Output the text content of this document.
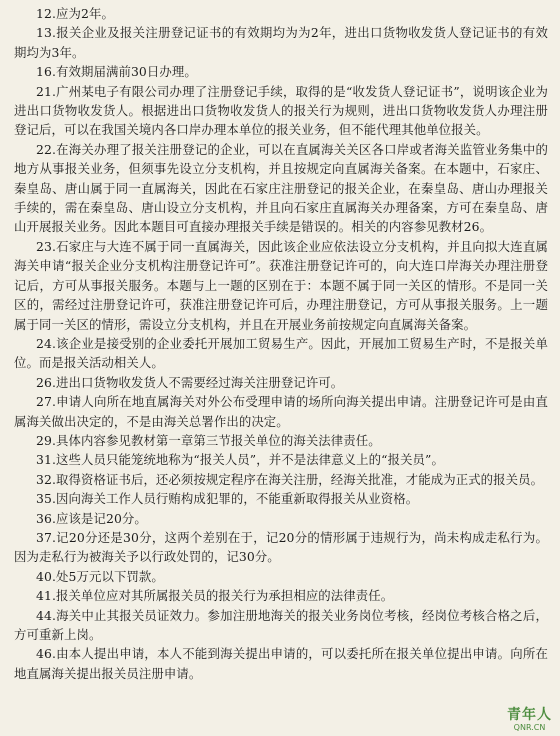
12.应为2年。

13.报关企业及报关注册登记证书的有效期均为为2年，进出口货物收发货人登记证书的有效期均为3年。

16.有效期届满前30日办理。

21.广州某电子有限公司办理了注册登记手续，取得的是“收发货人登记证书”，说明该企业为进出口货物收发货人。根据进出口货物收发货人的报关行为规则，进出口货物收发货人办理注册登记后，可以在我国关境内各口岸办理本单位的报关业务，但不能代理其他单位报关。

22.在海关办理了报关注册登记的企业，可以在直属海关关区各口岸或者海关监管业务集中的地方从事报关业务，但须事先设立分支机构，并且按规定向直属海关备案。在本题中，石家庄、秦皇岛、唐山属于同一直属海关，因此在石家庄注册登记的报关企业，在秦皇岛、唐山办理报关手续的，需在秦皇岛、唐山设立分支机构，并且向石家庄直属海关办理备案，方可在秦皇岛、唐山开展报关业务。因此本题目可直接办理报关手续是错误的。相关的内容参见教材26。

23.石家庄与大连不属于同一直属海关，因此该企业应依法设立分支机构，并且向拟大连直属海关申请“报关企业分支机构注册登记许可”。获准注册登记许可的，向大连口岸海关办理注册登记后，方可从事报关服务。本题与上一题的区别在于：本题不属于同一关区的情形。不是同一关区的，需经过注册登记许可，获准注册登记许可后，办理注册登记，方可从事报关服务。上一题属于同一关区的情形，需设立分支机构，并且在开展业务前按规定向直属海关备案。

24.该企业是接受别的企业委托开展加工贸易生产。因此，开展加工贸易生产时，不是报关单位。而是报关活动相关人。

26.进出口货物收发货人不需要经过海关注册登记许可。

27.申请人向所在地直属海关对外公布受理申请的场所向海关提出申请。注册登记许可是由直属海关做出决定的，不是由海关总署作出的决定。

29.具体内容参见教材第一章第三节报关单位的海关法律责任。

31.这些人员只能笼统地称为“报关人员”，并不是法律意义上的“报关员”。

32.取得资格证书后，还必须按规定程序在海关注册，经海关批准，才能成为正式的报关员。

35.因向海关工作人员行贿构成犯罪的，不能重新取得报关从业资格。

36.应该是记20分。

37.记20分还是30分，这两个差别在于，记20分的情形属于违规行为，尚未构成走私行为。因为走私行为被海关予以行政处罚的，记30分。

40.处5万元以下罚款。

41.报关单位应对其所属报关员的报关行为承担相应的法律责任。

44.海关中止其报关员证效力。参加注册地海关的报关业务岗位考核，经岗位考核合格之后，方可重新上岗。

46.由本人提出申请，本人不能到海关提出申请的，可以委托所在报关单位提出申请。向所在地直属海关提出报关员注册申请。

青年人
QNR.CN
